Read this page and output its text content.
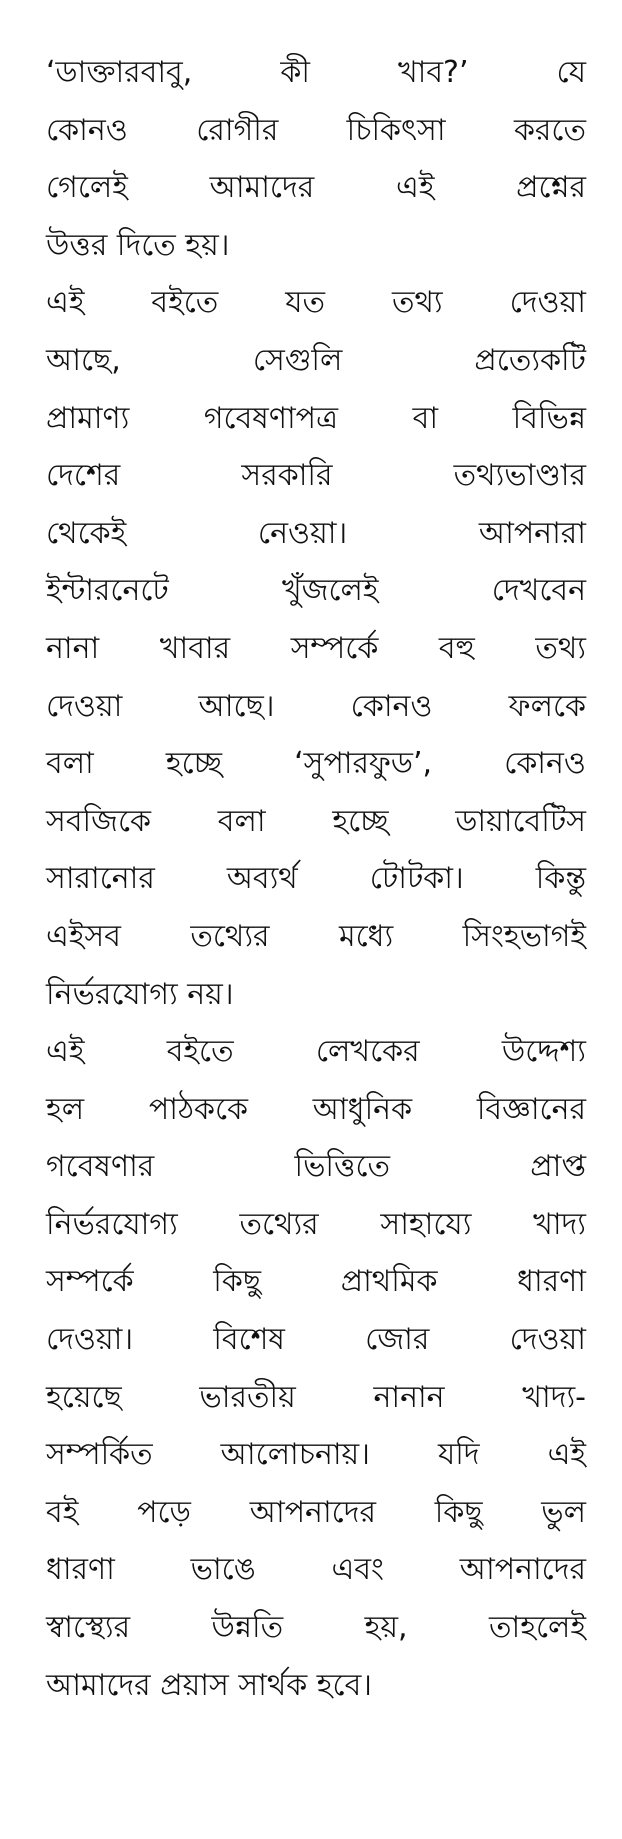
‘ডাক্তারবাবু, কী খাব?’ যে
কোনও রোগীর চিকিৎসা করতে
গেলেই আমাদের এই প্রশ্নের
উত্তর দিতে হয়।
এই বইতে যত তথ্য দেওয়া
আছে, সেগুলি প্রত্যেকটি
প্রামাণ্য গবেষণাপত্র বা বিভিন্ন
দেশের সরকারি তথ্যভাণ্ডার
থেকেই নেওয়া। আপনারা
ইন্টারনেটে খুঁজলেই দেখবেন
নানা খাবার সম্পর্কে বহু তথ্য
দেওয়া আছে। কোনও ফলকে
বলা হচ্ছে ‘সুপারফুড’, কোনও
সবজিকে বলা হচ্ছে ডায়াবেটিস
সারানোর অব্যর্থ টোটকা। কিন্তু
এইসব তথ্যের মধ্যে সিংহভাগই
নির্ভরযোগ্য নয়।
এই বইতে লেখকের উদ্দেশ্য
হল পাঠককে আধুনিক বিজ্ঞানের
গবেষণার ভিত্তিতে প্রাপ্ত
নির্ভরযোগ্য তথ্যের সাহায্যে খাদ্য
সম্পর্কে কিছু প্রাথমিক ধারণা
দেওয়া। বিশেষ জোর দেওয়া
হয়েছে ভারতীয় নানান খাদ্য-
সম্পর্কিত আলোচনায়। যদি এই
বই পড়ে আপনাদের কিছু ভুল
ধারণা ভাঙে এবং আপনাদের
স্বাস্থ্যের উন্নতি হয়, তাহলেই
আমাদের প্রয়াস সার্থক হবে।
